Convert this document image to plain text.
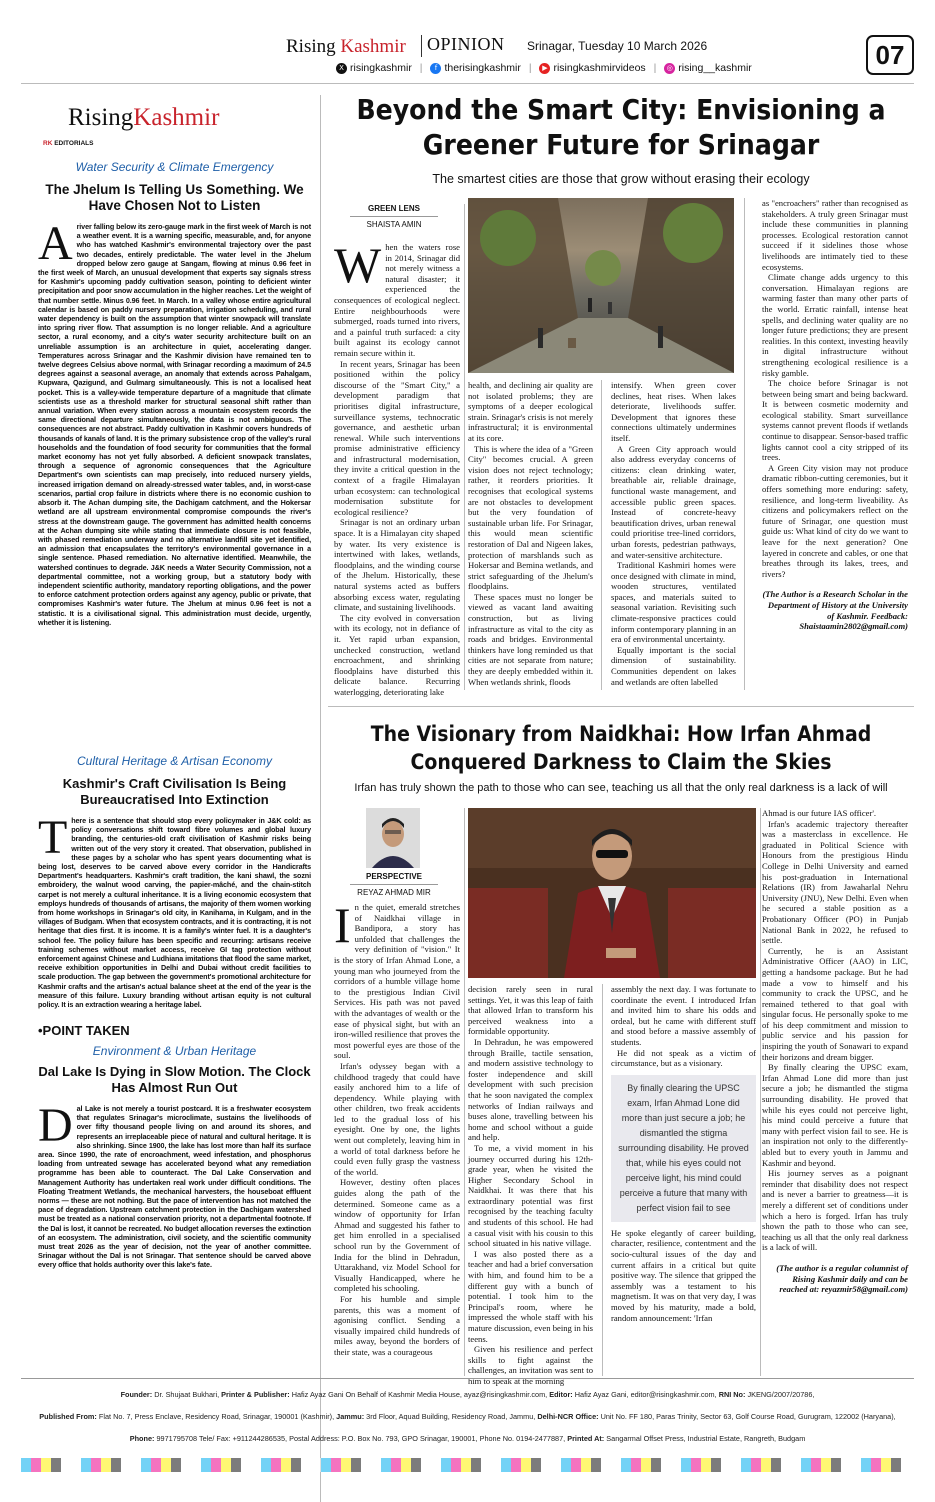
Rising Kashmir OPINION Srinagar, Tuesday 10 March 2026	07
X risingkashmir | f therisingkashmir | ▶ risingkashmirvideos | ◎ rising__kashmir
RisingKashmir
RK EDITORIALS
Water Security & Climate Emergency
The Jhelum Is Telling Us Something. We Have Chosen Not to Listen
Ariver falling below its zero-gauge mark in the first week of March is not a weather event. It is a warning specific, measurable, and, for anyone who has watched Kashmir's environmental trajectory over the past two decades, entirely predictable. The water level in the Jhelum dropped below zero gauge at Sangam, flowing at minus 0.96 feet in the first week of March, an unusual development that experts say signals stress for Kashmir's upcoming paddy cultivation season, pointing to deficient winter precipitation and poor snow accumulation in the higher reaches. Let the weight of that number settle. Minus 0.96 feet. In March. In a valley whose entire agricultural calendar is based on paddy nursery preparation, irrigation scheduling, and rural water dependency is built on the assumption that winter snowpack will translate into spring river flow. That assumption is no longer reliable. And a agriculture sector, a rural economy, and a city's water security architecture built on an unreliable assumption is an architecture in quiet, accelerating danger. Temperatures across Srinagar and the Kashmir division have remained ten to twelve degrees Celsius above normal, with Srinagar recording a maximum of 24.5 degrees against a seasonal average, an anomaly that extends across Pahalgam, Kupwara, Qazigund, and Gulmarg simultaneously. This is not a localised heat pocket. This is a valley-wide temperature departure of a magnitude that climate scientists use as a threshold marker for structural seasonal shift rather than annual variation. When every station across a mountain ecosystem records the same directional departure simultaneously, the data is not ambiguous. The consequences are not abstract. Paddy cultivation in Kashmir covers hundreds of thousands of kanals of land. It is the primary subsistence crop of the valley's rural households and the foundation of food security for communities that the formal market economy has not yet fully absorbed. A deficient snowpack translates, through a sequence of agronomic consequences that the Agriculture Department's own scientists can map precisely, into reduced nursery yields, increased irrigation demand on already-stressed water tables, and, in worst-case scenarios, partial crop failure in districts where there is no economic cushion to absorb it. The Achan dumping site, the Dachigam catchment, and the Hokersar wetland are all upstream environmental compromise compounds the river's stress at the downstream gauge. The government has admitted health concerns at the Achan dumping site while stating that immediate closure is not feasible, with phased remediation underway and no alternative landfill site yet identified, an admission that encapsulates the territory's environmental governance in a single sentence. Phased remediation. No alternative identified. Meanwhile, the watershed continues to degrade. J&K needs a Water Security Commission, not a departmental committee, not a working group, but a statutory body with independent scientific authority, mandatory reporting obligations, and the power to enforce catchment protection orders against any agency, public or private, that compromises Kashmir's water future. The Jhelum at minus 0.96 feet is not a statistic. It is a civilisational signal. This administration must decide, urgently, whether it is listening.
Cultural Heritage & Artisan Economy
Kashmir's Craft Civilisation Is Being Bureaucratised Into Extinction
There is a sentence that should stop every policymaker in J&K cold: as policy conversations shift toward fibre volumes and global luxury branding, the centuries-old craft civilisation of Kashmir risks being written out of the very story it created. That observation, published in these pages by a scholar who has spent years documenting what is being lost, deserves to be carved above every corridor in the Handicrafts Department's headquarters. Kashmir's craft tradition, the kani shawl, the sozni embroidery, the walnut wood carving, the papier-mâché, and the chain-stitch carpet is not merely a cultural inheritance. It is a living economic ecosystem that employs hundreds of thousands of artisans, the majority of them women working from home workshops in Srinagar's old city, in Kanihama, in Kulgam, and in the villages of Budgam. When that ecosystem contracts, and it is contracting, it is not heritage that dies first. It is income. It is a family's winter fuel. It is a daughter's school fee. The policy failure has been specific and recurring: artisans receive training schemes without market access, receive GI tag protection without enforcement against Chinese and Ludhiana imitations that flood the same market, receive exhibition opportunities in Delhi and Dubai without credit facilities to scale production. The gap between the government's promotional architecture for Kashmir crafts and the artisan's actual balance sheet at the end of the year is the measure of this failure. Luxury branding without artisan equity is not cultural policy. It is an extraction wearing a heritage label.
•POINT TAKEN
Environment & Urban Heritage
Dal Lake Is Dying in Slow Motion. The Clock Has Almost Run Out
Dal Lake is not merely a tourist postcard. It is a freshwater ecosystem that regulates Srinagar's microclimate, sustains the livelihoods of over fifty thousand people living on and around its shores, and represents an irreplaceable piece of natural and cultural heritage. It is also shrinking. Since 1900, the lake has lost more than half its surface area. Since 1990, the rate of encroachment, weed infestation, and phosphorus loading from untreated sewage has accelerated beyond what any remediation programme has been able to counteract. The Dal Lake Conservation and Management Authority has undertaken real work under difficult conditions. The Floating Treatment Wetlands, the mechanical harvesters, the houseboat effluent norms — these are not nothing. But the pace of intervention has not matched the pace of degradation. Upstream catchment protection in the Dachigam watershed must be treated as a national conservation priority, not a departmental footnote. If the Dal is lost, it cannot be recreated. No budget allocation reverses the extinction of an ecosystem. The administration, civil society, and the scientific community must treat 2026 as the year of decision, not the year of another committee. Srinagar without the Dal is not Srinagar. That sentence should be carved above every office that holds authority over this lake's fate.
Beyond the Smart City: Envisioning a Greener Future for Srinagar
The smartest cities are those that grow without erasing their ecology
GREEN LENS
SHAISTA AMIN
W hen the waters rose in 2014, Srinagar did not merely witness a natural disaster; it experienced the consequences of ecological neglect. Entire neighbourhoods were submerged, roads turned into rivers, and a painful truth surfaced: a city built against its ecology cannot remain secure within it.

In recent years, Srinagar has been positioned within the policy discourse of the "Smart City," a development paradigm that prioritises digital infrastructure, surveillance systems, technocratic governance, and aesthetic urban renewal. While such interventions promise administrative efficiency and infrastructural modernisation, they invite a critical question in the context of a fragile Himalayan urban ecosystem: can technological modernisation substitute for ecological resilience?

Srinagar is not an ordinary urban space. It is a Himalayan city shaped by water. Its very existence is intertwined with lakes, wetlands, floodplains, and the winding course of the Jhelum. Historically, these natural systems acted as buffers absorbing excess water, regulating climate, and sustaining livelihoods.

The city evolved in conversation with its ecology, not in defiance of it. Yet rapid urban expansion, unchecked construction, wetland encroachment, and shrinking floodplains have disturbed this delicate balance. Recurring waterlogging, deteriorating lake

health, and declining air quality are not isolated problems; they are symptoms of a deeper ecological strain. Srinagar's crisis is not merely infrastructural; it is environmental at its core.

This is where the idea of a "Green City" becomes crucial. A green vision does not reject technology; rather, it reorders priorities. It recognises that ecological systems are not obstacles to development but the very foundation of sustainable urban life. For Srinagar, this would mean scientific restoration of Dal and Nigeen lakes, protection of marshlands such as Hokersar and Bemina wetlands, and strict safeguarding of the Jhelum's floodplains.

These spaces must no longer be viewed as vacant land awaiting construction, but as living infrastructure as vital to the city as roads and bridges. Environmental thinkers have long reminded us that cities are not separate from nature; they are deeply embedded within it. When wetlands shrink, floods

intensify. When green cover declines, heat rises. When lakes deteriorate, livelihoods suffer. Development that ignores these connections ultimately undermines itself.

A Green City approach would also address everyday concerns of citizens: clean drinking water, breathable air, reliable drainage, functional waste management, and accessible public green spaces. Instead of concrete-heavy beautification drives, urban renewal could prioritise tree-lined corridors, urban forests, pedestrian pathways, and water-sensitive architecture.

Traditional Kashmiri homes were once designed with climate in mind, wooden structures, ventilated spaces, and materials suited to seasonal variation. Revisiting such climate-responsive practices could inform contemporary planning in an era of environmental uncertainty.

Equally important is the social dimension of sustainability. Communities dependent on lakes and wetlands are often labelled

as "encroachers" rather than recognised as stakeholders. A truly green Srinagar must include these communities in planning processes. Ecological restoration cannot succeed if it sidelines those whose livelihoods are intimately tied to these ecosystems.

Climate change adds urgency to this conversation. Himalayan regions are warming faster than many other parts of the world. Erratic rainfall, intense heat spells, and declining water quality are no longer future predictions; they are present realities. In this context, investing heavily in digital infrastructure without strengthening ecological resilience is a risky gamble.

The choice before Srinagar is not between being smart and being backward. It is between cosmetic modernity and ecological stability. Smart surveillance systems cannot prevent floods if wetlands continue to disappear. Sensor-based traffic lights cannot cool a city stripped of its trees.

A Green City vision may not produce dramatic ribbon-cutting ceremonies, but it offers something more enduring: safety, resilience, and long-term liveability. As citizens and policymakers reflect on the future of Srinagar, one question must guide us: What kind of city do we want to leave for the next generation? One layered in concrete and cables, or one that breathes through its lakes, trees, and rivers?

(The Author is a Research Scholar in the Department of History at the University of Kashmir. Feedback: Shaistaamin2802@gmail.com)

The Visionary from Naidkhai: How Irfan Ahmad Conquered Darkness to Claim the Skies
Irfan has truly shown the path to those who can see, teaching us all that the only real darkness is a lack of will
PERSPECTIVE
REYAZ AHMAD MIR
I n the quiet, emerald stretches of Naidkhai village in Bandipora, a story has unfolded that challenges the very definition of "vision." It is the story of Irfan Ahmad Lone, a young man who journeyed from the corridors of a humble village home to the prestigious Indian Civil Services. His path was not paved with the advantages of wealth or the ease of physical sight, but with an iron-willed resilience that proves the most powerful eyes are those of the soul.

Irfan's odyssey began with a childhood tragedy that could have easily anchored him to a life of dependency. While playing with other children, two freak accidents led to the gradual loss of his eyesight. One by one, the lights went out completely, leaving him in a world of total darkness before he could even fully grasp the vastness of the world.

However, destiny often places guides along the path of the determined. Someone came as a window of opportunity for Irfan Ahmad and suggested his father to get him enrolled in a specialised school run by the Government of India for the blind in Dehradun, Uttarakhand, viz Model School for Visually Handicapped, where he completed his schooling.

For his humble and simple parents, this was a moment of agonising conflict. Sending a visually impaired child hundreds of miles away, beyond the borders of their state, was a courageous

decision rarely seen in rural settings. Yet, it was this leap of faith that allowed Irfan to transform his perceived weakness into a formidable opportunity.

In Dehradun, he was empowered through Braille, tactile sensation, and modern assistive technology to foster independence and skill development with such precision that he soon navigated the complex networks of Indian railways and buses alone, travelling between his home and school without a guide and help.

To me, a vivid moment in his journey occurred during his 12th-grade year, when he visited the Higher Secondary School in Naidkhai. It was there that his extraordinary potential was first recognised by the teaching faculty and students of this school. He had a casual visit with his cousin to this school situated in his native village.

I was also posted there as a teacher and had a brief conversation with him, and found him to be a different guy with a bunch of potential. I took him to the Principal's room, where he impressed the whole staff with his mature discussion, even being in his teens.

Given his resilience and perfect skills to fight against the challenges, an invitation was sent to him to speak at the morning

assembly the next day. I was fortunate to coordinate the event. I introduced Irfan and invited him to share his odds and ordeal, but he came with different stuff and stood before a massive assembly of students.

He did not speak as a victim of circumstance, but as a visionary.

By finally clearing the UPSC exam, Irfan Ahmad Lone did more than just secure a job; he dismantled the stigma surrounding disability. He proved that, while his eyes could not perceive light, his mind could perceive a future that many with perfect vision fail to see

He spoke elegantly of career building, character, resilience, contentment and the socio-cultural issues of the day and current affairs in a critical but quite positive way. The silence that gripped the assembly was a testament to his magnetism. It was on that very day, I was moved by his maturity, made a bold, random announcement: 'Irfan

Ahmad is our future IAS officer'.

Irfan's academic trajectory thereafter was a masterclass in excellence. He graduated in Political Science with Honours from the prestigious Hindu College in Delhi University and earned his post-graduation in International Relations (IR) from Jawaharlal Nehru University (JNU), New Delhi. Even when he secured a stable position as a Probationary Officer (PO) in Punjab National Bank in 2022, he refused to settle.

Currently, he is an Assistant Administrative Officer (AAO) in LIC, getting a handsome package. But he had made a vow to himself and his community to crack the UPSC, and he remained tethered to that goal with singular focus. He personally spoke to me of his deep commitment and mission to public service and his passion for inspiring the youth of Sonawari to expand their horizons and dream bigger.

By finally clearing the UPSC exam, Irfan Ahmad Lone did more than just secure a job; he dismantled the stigma surrounding disability. He proved that while his eyes could not perceive light, his mind could perceive a future that many with perfect vision fail to see. He is an inspiration not only to the differently-abled but to every youth in Jammu and Kashmir and beyond.

His journey serves as a poignant reminder that disability does not respect and is never a barrier to greatness—it is merely a different set of conditions under which a hero is forged. Irfan has truly shown the path to those who can see, teaching us all that the only real darkness is a lack of will.

(The author is a regular columnist of Rising Kashmir daily and can be reached at: reyazmir58@gmail.com)

Founder: Dr. Shujaat Bukhari, Printer & Publisher: Hafiz Ayaz Gani On Behalf of Kashmir Media House, ayaz@risingkashmir.com, Editor: Hafiz Ayaz Gani, editor@risingkashmir.com, RNI No: JKENG/2007/20786,
Published From: Flat No. 7, Press Enclave, Residency Road, Srinagar, 190001 (Kashmir), Jammu: 3rd Floor, Aquad Building, Residency Road, Jammu, Delhi-NCR Office: Unit No. FF 180, Paras Trinity, Sector 63, Golf Course Road, Gurugram, 122002 (Haryana),
Phone: 9971795708 Tele/ Fax: +911244286535, Postal Address: P.O. Box No. 793, GPO Srinagar, 190001, Phone No. 0194-2477887, Printed At: Sangarmal Offset Press, Industrial Estate, Rangreth, Budgam
